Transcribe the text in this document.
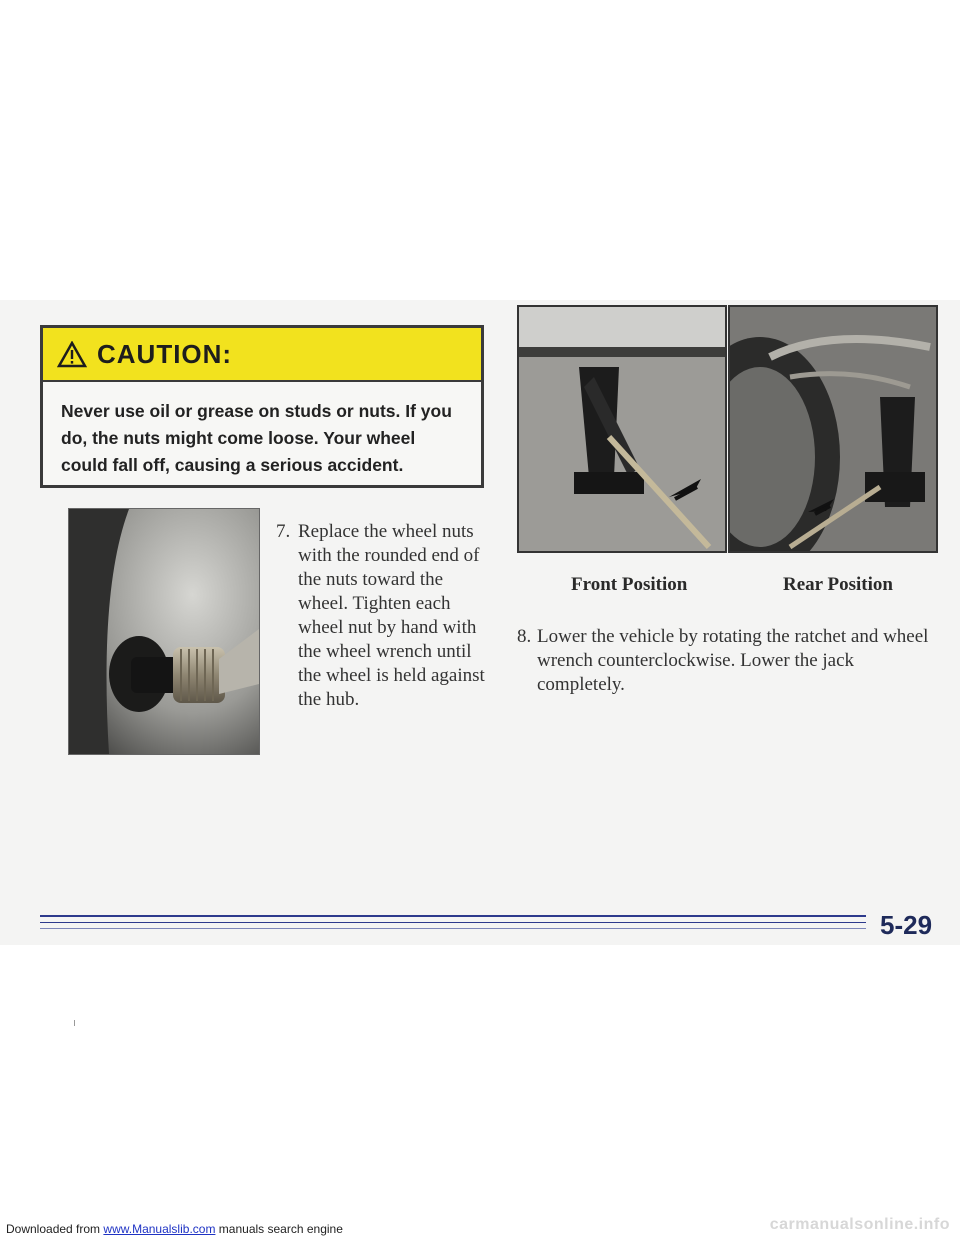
CAUTION:
Never use oil or grease on studs or nuts. If you do, the nuts might come loose. Your wheel could fall off, causing a serious accident.
7. Replace the wheel nuts with the rounded end of the nuts toward the wheel. Tighten each wheel nut by hand with the wheel wrench until the wheel is held against the hub.
Front Position	Rear Position
8. Lower the vehicle by rotating the ratchet and wheel wrench counterclockwise. Lower the jack completely.
5-29
Downloaded from www.Manualslib.com manuals search engine	carmanualsonline.info
